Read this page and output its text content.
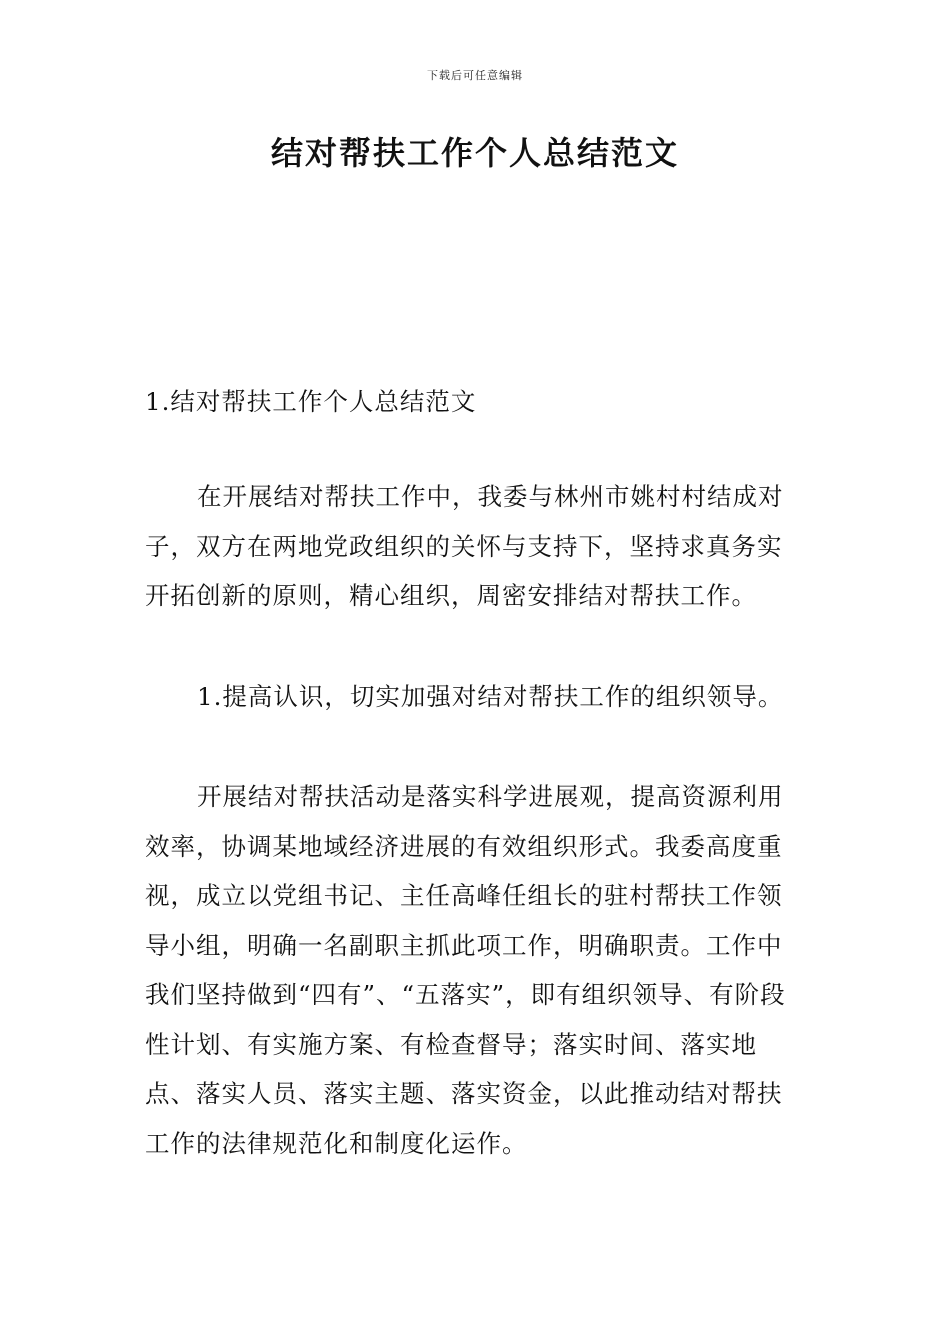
下载后可任意编辑
结对帮扶工作个人总结范文

1.结对帮扶工作个人总结范文

在开展结对帮扶工作中，我委与林州市姚村村结成对子，双方在两地党政组织的关怀与支持下，坚持求真务实开拓创新的原则，精心组织，周密安排结对帮扶工作。

1.提高认识，切实加强对结对帮扶工作的组织领导。

开展结对帮扶活动是落实科学进展观，提高资源利用效率，协调某地域经济进展的有效组织形式。我委高度重视，成立以党组书记、主任高峰任组长的驻村帮扶工作领导小组，明确一名副职主抓此项工作，明确职责。工作中我们坚持做到“四有”、“五落实”，即有组织领导、有阶段性计划、有实施方案、有检查督导；落实时间、落实地点、落实人员、落实主题、落实资金，以此推动结对帮扶工作的法律规范化和制度化运作。
